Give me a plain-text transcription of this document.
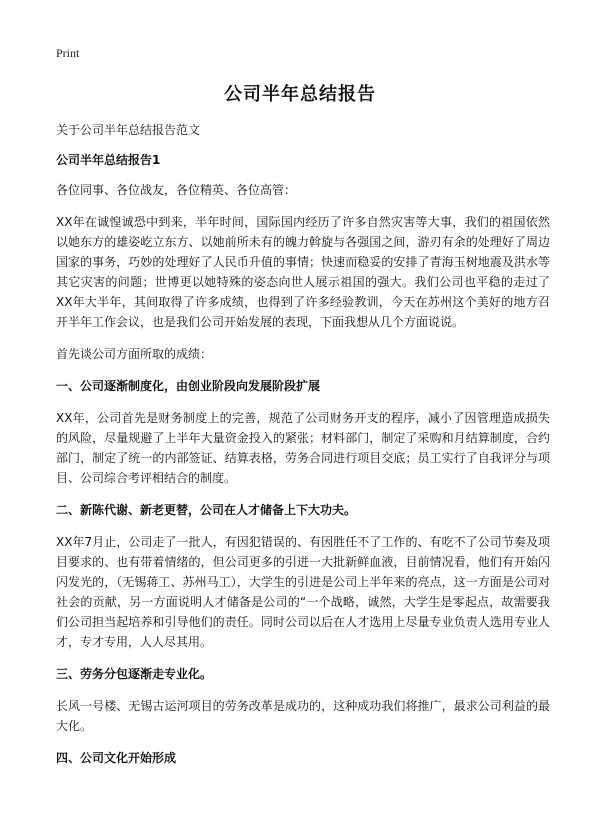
Print
公司半年总结报告

关于公司半年总结报告范文

公司半年总结报告1

各位同事、各位战友，各位精英、各位高管：

XX年在诚惶诚恐中到来，半年时间，国际国内经历了许多自然灾害等大事，我们的祖国依然以她东方的雄姿屹立东方、以她前所未有的魄力斡旋与各强国之间，游刃有余的处理好了周边国家的事务，巧妙的处理好了人民币升值的事情；快速而稳妥的安排了青海玉树地震及洪水等其它灾害的问题；世博更以她特殊的姿态向世人展示祖国的强大。我们公司也平稳的走过了XX年大半年，其间取得了许多成绩，也得到了许多经验教训，今天在苏州这个美好的地方召开半年工作会议，也是我们公司开始发展的表现，下面我想从几个方面说说。

首先谈公司方面所取的成绩：

一、公司逐渐制度化，由创业阶段向发展阶段扩展

XX年，公司首先是财务制度上的完善，规范了公司财务开支的程序，减小了因管理造成损失的风险，尽量规避了上半年大量资金投入的紧张；材料部门，制定了采购和月结算制度，合约部门，制定了统一的内部签证、结算表格，劳务合同进行项目交底；员工实行了自我评分与项目、公司综合考评相结合的制度。

二、新陈代谢、新老更替，公司在人才储备上下大功夫。

XX年7月止，公司走了一批人，有因犯错误的、有因胜任不了工作的、有吃不了公司节奏及项目要求的、也有带着情绪的，但公司更多的引进一大批新鲜血液，目前情况看，他们有开始闪闪发光的，（无锡蒋工、苏州马工），大学生的引进是公司上半年来的亮点，这一方面是公司对社会的贡献，另一方面说明人才储备是公司的“一个战略，诚然，大学生是零起点，故需要我们公司担当起培养和引导他们的责任。同时公司以后在人才选用上尽量专业负责人选用专业人才，专才专用，人人尽其用。

三、劳务分包逐渐走专业化。

长风一号楼、无锡古运河项目的劳务改革是成功的，这种成功我们将推广，最求公司利益的最大化。

四、公司文化开始形成
